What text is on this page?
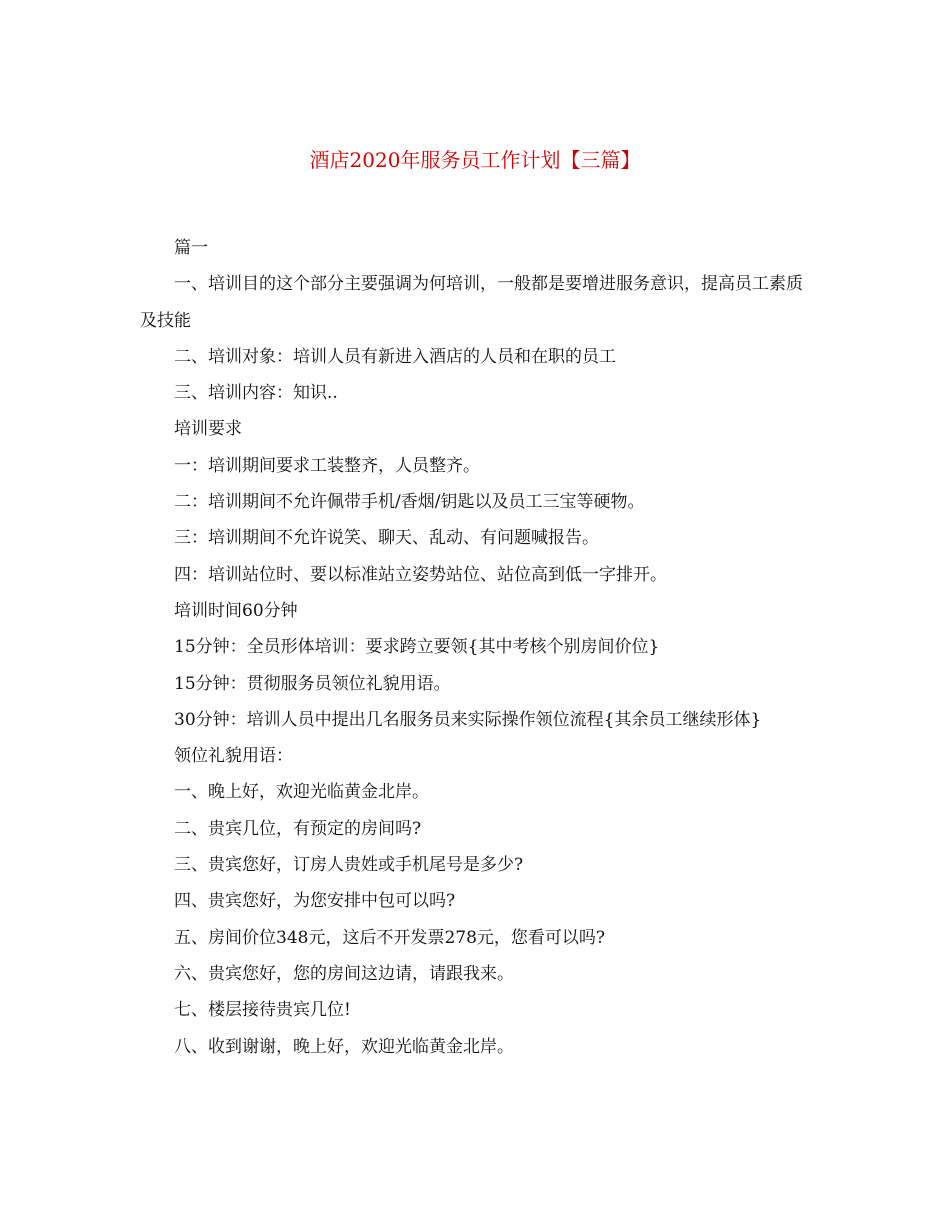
酒店2020年服务员工作计划【三篇】

篇一

一、培训目的这个部分主要强调为何培训，一般都是要增进服务意识，提高员工素质及技能

二、培训对象：培训人员有新进入酒店的人员和在职的员工

三、培训内容：知识..

培训要求

一：培训期间要求工装整齐，人员整齐。

二：培训期间不允许佩带手机/香烟/钥匙以及员工三宝等硬物。

三：培训期间不允许说笑、聊天、乱动、有问题喊报告。

四：培训站位时、要以标准站立姿势站位、站位高到低一字排开。

培训时间60分钟

15分钟：全员形体培训：要求跨立要领{其中考核个别房间价位}

15分钟：贯彻服务员领位礼貌用语。

30分钟：培训人员中提出几名服务员来实际操作领位流程{其余员工继续形体}

领位礼貌用语：

一、晚上好，欢迎光临黄金北岸。

二、贵宾几位，有预定的房间吗?

三、贵宾您好，订房人贵姓或手机尾号是多少?

四、贵宾您好，为您安排中包可以吗?

五、房间价位348元，这后不开发票278元，您看可以吗?

六、贵宾您好，您的房间这边请，请跟我来。

七、楼层接待贵宾几位!

八、收到谢谢，晚上好，欢迎光临黄金北岸。
